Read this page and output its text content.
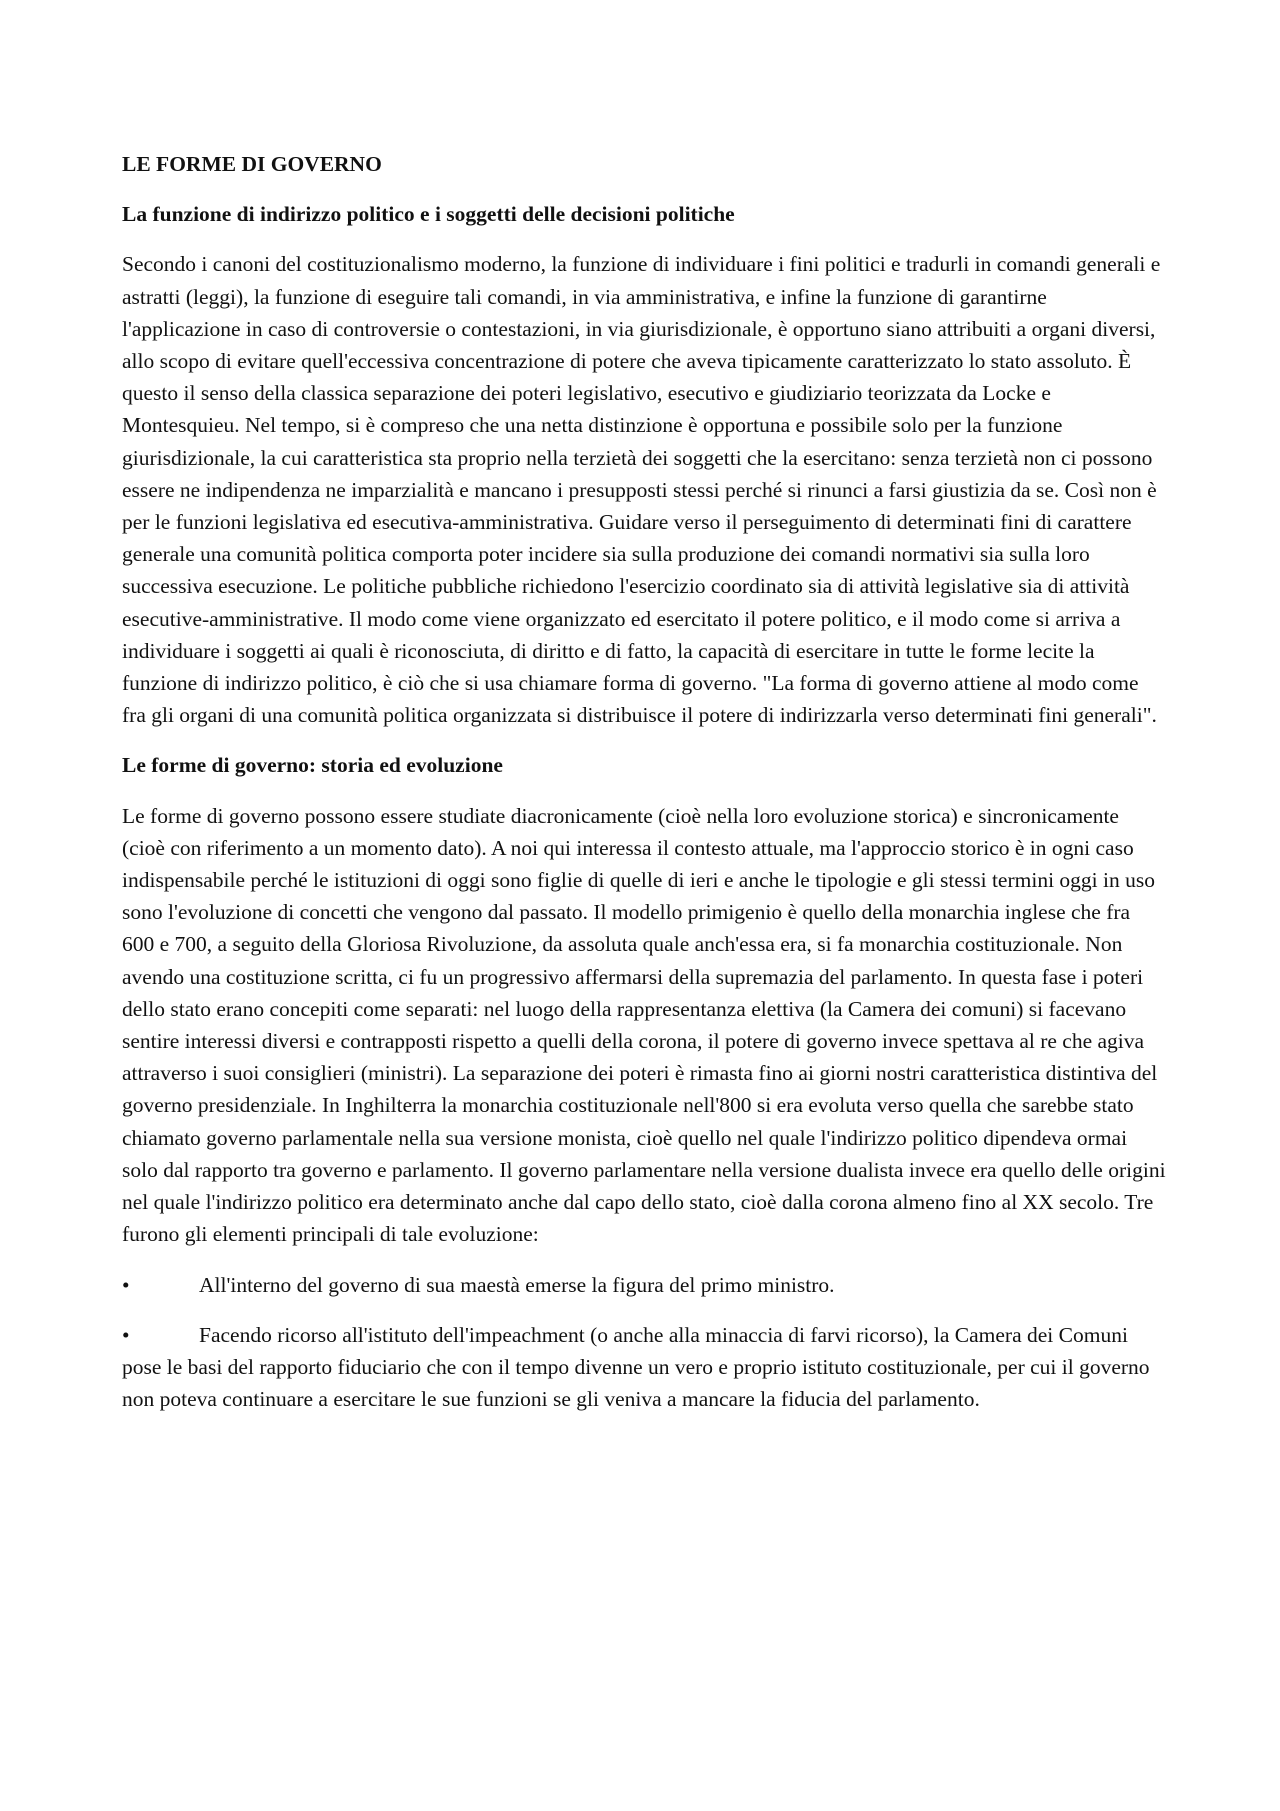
LE FORME DI GOVERNO
La funzione di indirizzo politico e i soggetti delle decisioni politiche

Secondo i canoni del costituzionalismo moderno, la funzione di individuare i fini politici e tradurli in comandi generali e astratti (leggi), la funzione di eseguire tali comandi, in via amministrativa, e infine la funzione di garantirne l'applicazione in caso di controversie o contestazioni, in via giurisdizionale, è opportuno siano attribuiti a organi diversi, allo scopo di evitare quell'eccessiva concentrazione di potere che aveva tipicamente caratterizzato lo stato assoluto. È questo il senso della classica separazione dei poteri legislativo, esecutivo e giudiziario teorizzata da Locke e Montesquieu. Nel tempo, si è compreso che una netta distinzione è opportuna e possibile solo per la funzione giurisdizionale, la cui caratteristica sta proprio nella terzietà dei soggetti che la esercitano: senza terzietà non ci possono essere ne indipendenza ne imparzialità e mancano i presupposti stessi perché si rinunci a farsi giustizia da se. Così non è per le funzioni legislativa ed esecutiva-amministrativa. Guidare verso il perseguimento di determinati fini di carattere generale una comunità politica comporta poter incidere sia sulla produzione dei comandi normativi sia sulla loro successiva esecuzione. Le politiche pubbliche richiedono l'esercizio coordinato sia di attività legislative sia di attività esecutive-amministrative. Il modo come viene organizzato ed esercitato il potere politico, e il modo come si arriva a individuare i soggetti ai quali è riconosciuta, di diritto e di fatto, la capacità di esercitare in tutte le forme lecite la funzione di indirizzo politico, è ciò che si usa chiamare forma di governo. "La forma di governo attiene al modo come fra gli organi di una comunità politica organizzata si distribuisce il potere di indirizzarla verso determinati fini generali".

Le forme di governo: storia ed evoluzione

Le forme di governo possono essere studiate diacronicamente (cioè nella loro evoluzione storica) e sincronicamente (cioè con riferimento a un momento dato). A noi qui interessa il contesto attuale, ma l'approccio storico è in ogni caso indispensabile perché le istituzioni di oggi sono figlie di quelle di ieri e anche le tipologie e gli stessi termini oggi in uso sono l'evoluzione di concetti che vengono dal passato. Il modello primigenio è quello della monarchia inglese che fra 600 e 700, a seguito della Gloriosa Rivoluzione, da assoluta quale anch'essa era, si fa monarchia costituzionale. Non avendo una costituzione scritta, ci fu un progressivo affermarsi della supremazia del parlamento. In questa fase i poteri dello stato erano concepiti come separati: nel luogo della rappresentanza elettiva (la Camera dei comuni) si facevano sentire interessi diversi e contrapposti rispetto a quelli della corona, il potere di governo invece spettava al re che agiva attraverso i suoi consiglieri (ministri). La separazione dei poteri è rimasta fino ai giorni nostri caratteristica distintiva del governo presidenziale. In Inghilterra la monarchia costituzionale nell'800 si era evoluta verso quella che sarebbe stato chiamato governo parlamentale nella sua versione monista, cioè quello nel quale l'indirizzo politico dipendeva ormai solo dal rapporto tra governo e parlamento. Il governo parlamentare nella versione dualista invece era quello delle origini nel quale l'indirizzo politico era determinato anche dal capo dello stato, cioè dalla corona almeno fino al XX secolo. Tre furono gli elementi principali di tale evoluzione:

•	All'interno del governo di sua maestà emerse la figura del primo ministro.
•	Facendo ricorso all'istituto dell'impeachment (o anche alla minaccia di farvi ricorso), la Camera dei Comuni pose le basi del rapporto fiduciario che con il tempo divenne un vero e proprio istituto costituzionale, per cui il governo non poteva continuare a esercitare le sue funzioni se gli veniva a mancare la fiducia del parlamento.
